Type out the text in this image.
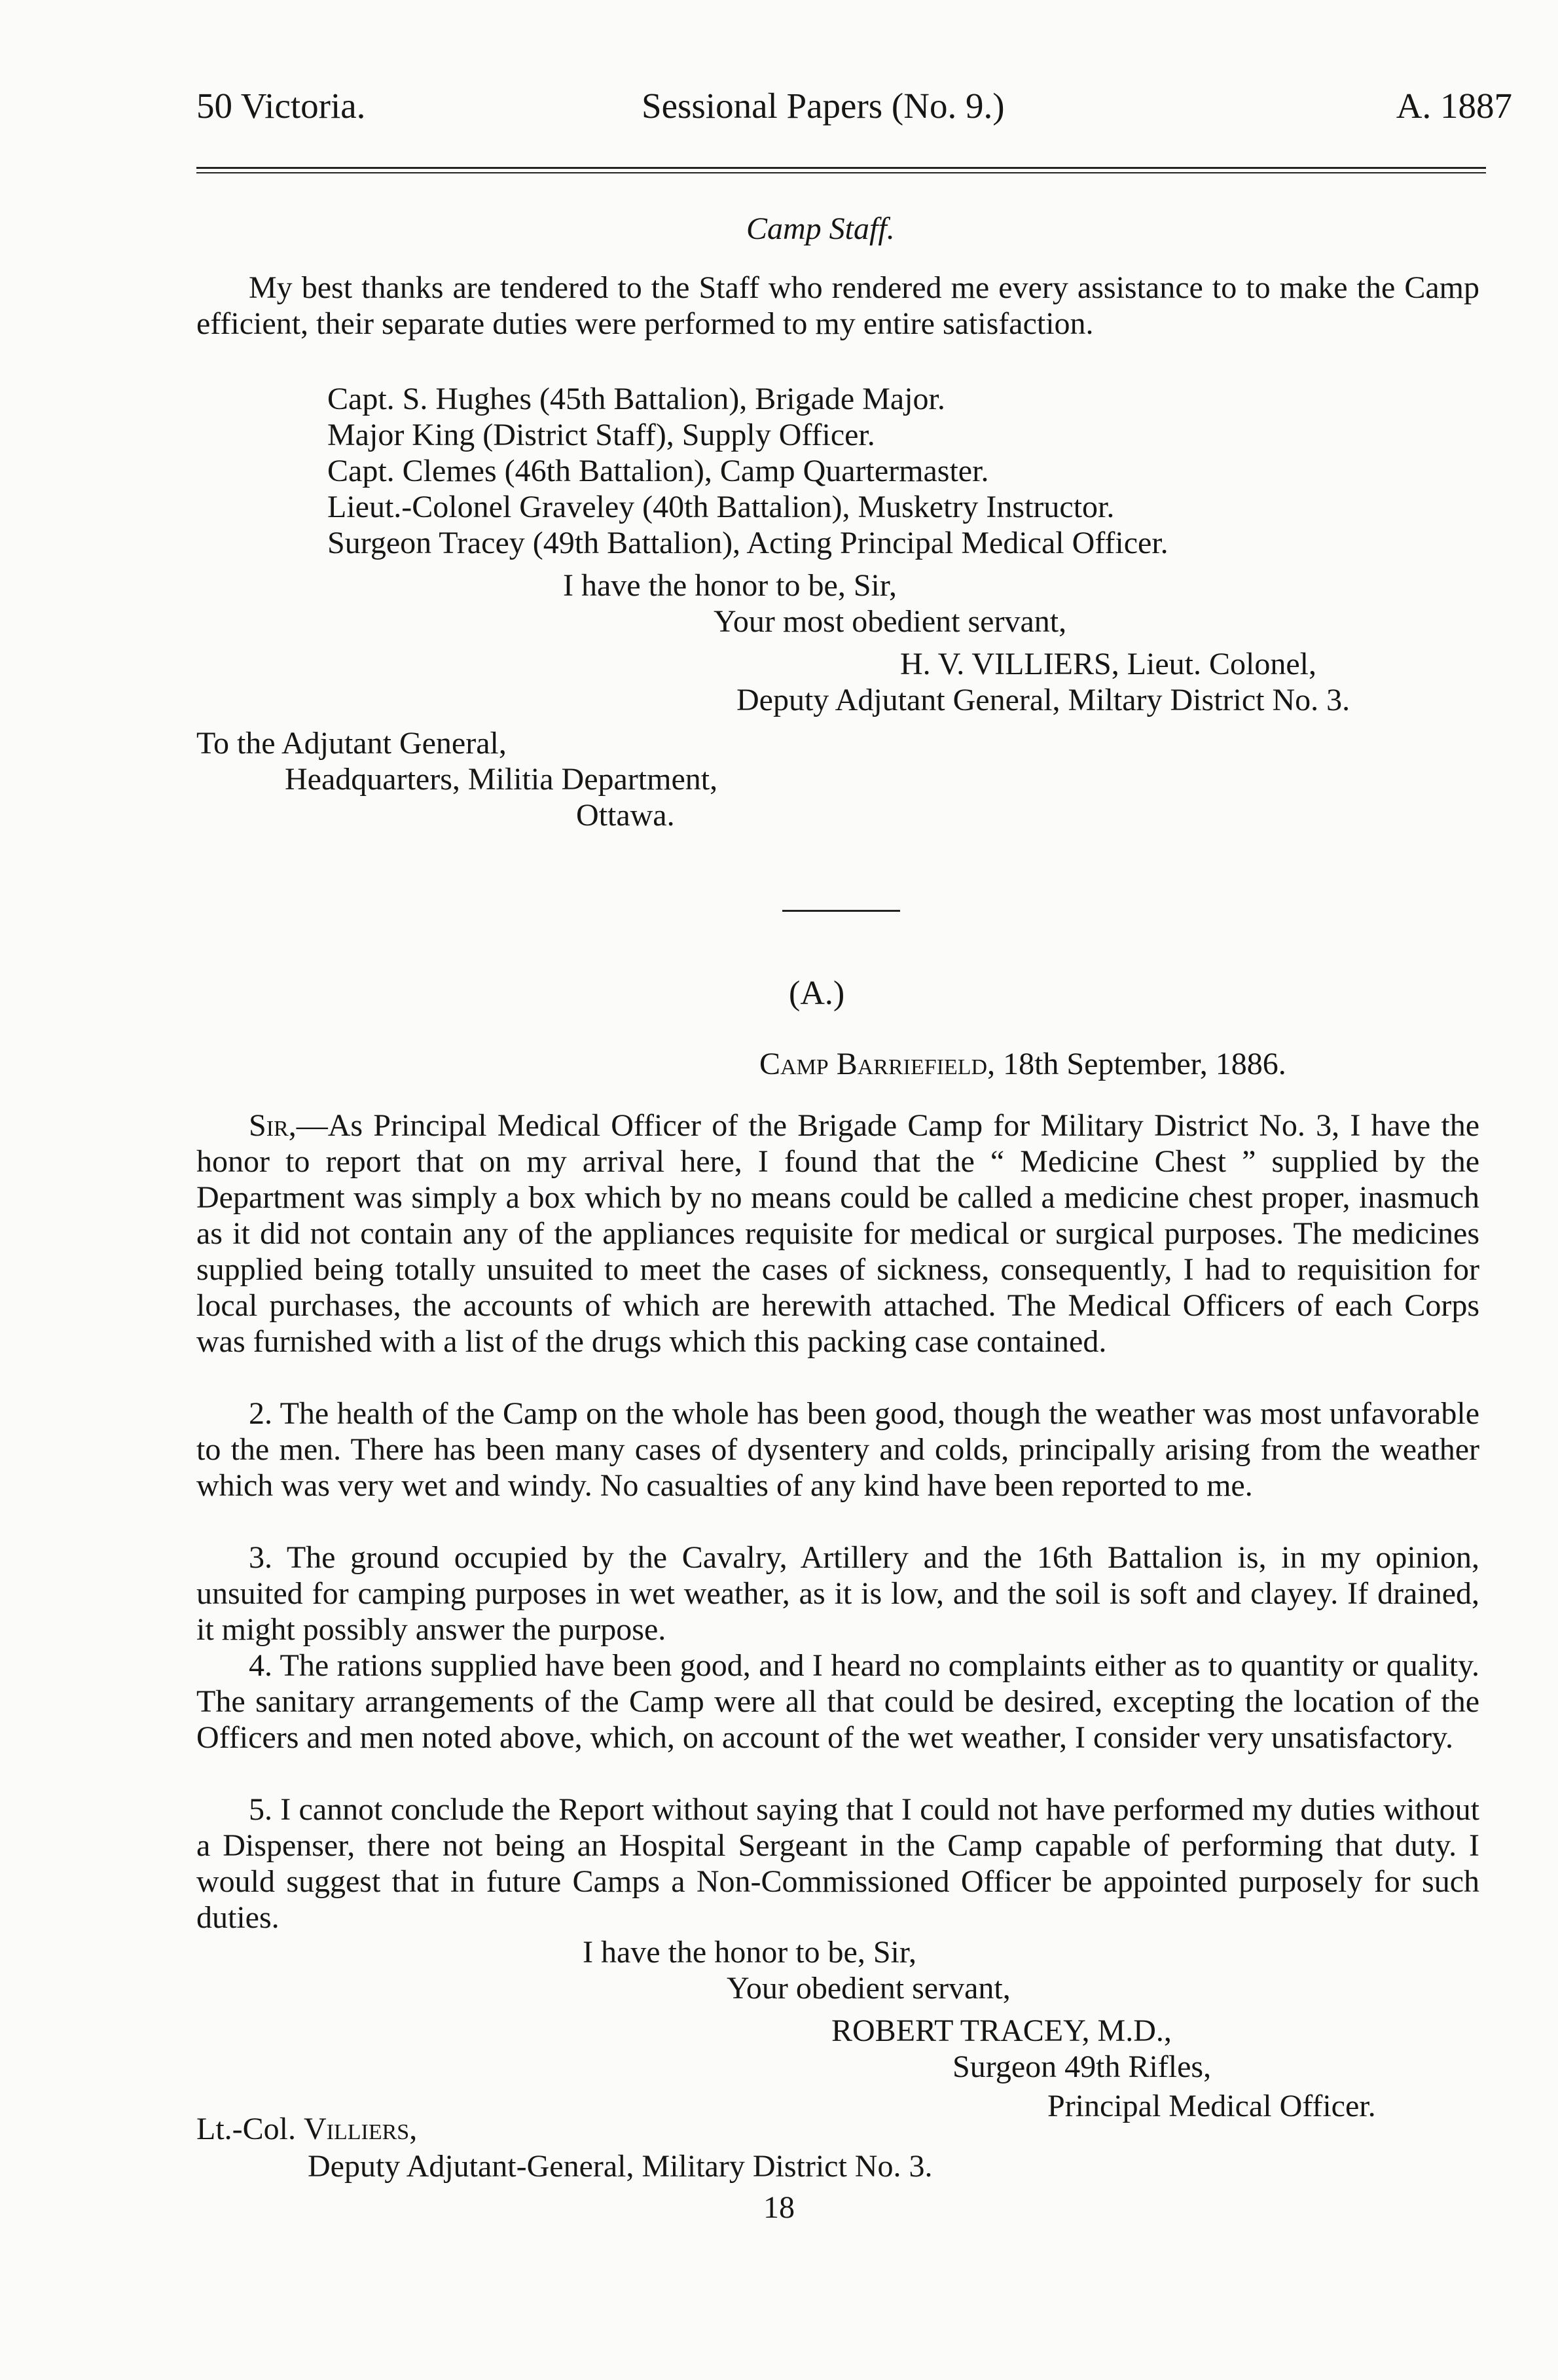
50 Victoria.	Sessional Papers (No. 9.)	A. 1887
Camp Staff.
My best thanks are tendered to the Staff who rendered me every assistance to to make the Camp efficient, their separate duties were performed to my entire satisfaction.
Capt. S. Hughes (45th Battalion), Brigade Major.
Major King (District Staff), Supply Officer.
Capt. Clemes (46th Battalion), Camp Quartermaster.
Lieut.-Colonel Graveley (40th Battalion), Musketry Instructor.
Surgeon Tracey (49th Battalion), Acting Principal Medical Officer.
I have the honor to be, Sir,
Your most obedient servant,
H. V. VILLIERS, Lieut. Colonel,
Deputy Adjutant General, Miltary District No. 3.
To the Adjutant General,
Headquarters, Militia Department,
Ottawa.
(A.)
Camp Barriefield, 18th September, 1886.
Sir,—As Principal Medical Officer of the Brigade Camp for Military District No. 3, I have the honor to report that on my arrival here, I found that the “ Medicine Chest ” supplied by the Department was simply a box which by no means could be called a medicine chest proper, inasmuch as it did not contain any of the appliances requisite for medical or surgical purposes. The medicines supplied being totally unsuited to meet the cases of sickness, consequently, I had to requisition for local purchases, the accounts of which are herewith attached. The Medical Officers of each Corps was furnished with a list of the drugs which this packing case contained.
2. The health of the Camp on the whole has been good, though the weather was most unfavorable to the men. There has been many cases of dysentery and colds, principally arising from the weather which was very wet and windy. No casualties of any kind have been reported to me.
3. The ground occupied by the Cavalry, Artillery and the 16th Battalion is, in my opinion, unsuited for camping purposes in wet weather, as it is low, and the soil is soft and clayey. If drained, it might possibly answer the purpose.
4. The rations supplied have been good, and I heard no complaints either as to quantity or quality. The sanitary arrangements of the Camp were all that could be desired, excepting the location of the Officers and men noted above, which, on account of the wet weather, I consider very unsatisfactory.
5. I cannot conclude the Report without saying that I could not have performed my duties without a Dispenser, there not being an Hospital Sergeant in the Camp capable of performing that duty. I would suggest that in future Camps a Non-Commissioned Officer be appointed purposely for such duties.
I have the honor to be, Sir,
Your obedient servant,
ROBERT TRACEY, M.D.,
Surgeon 49th Rifles,
Principal Medical Officer.
Lt.-Col. Villiers,
Deputy Adjutant-General, Military District No. 3.
18
